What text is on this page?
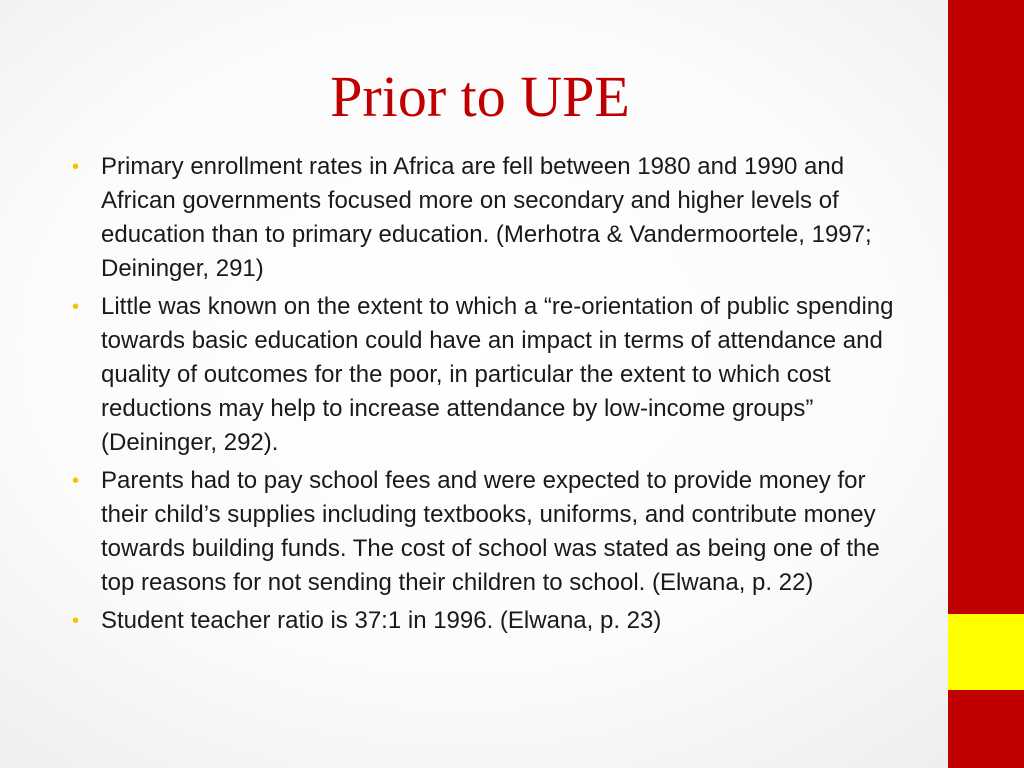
Prior to UPE
• Primary enrollment rates in Africa are fell between 1980 and 1990 and African governments focused more on secondary and higher levels of education than to primary education. (Merhotra & Vandermoortele, 1997; Deininger, 291)
• Little was known on the extent to which a “re-orientation of public spending towards basic education could have an impact in terms of attendance and quality of outcomes for the poor, in particular the extent to which cost reductions may help to increase attendance by low-income groups” (Deininger, 292).
• Parents had to pay school fees and were expected to provide money for their child’s supplies including textbooks, uniforms, and contribute money towards building funds. The cost of school was stated as being one of the top reasons for not sending their children to school. (Elwana, p. 22)
• Student teacher ratio is 37:1 in 1996. (Elwana, p. 23)
